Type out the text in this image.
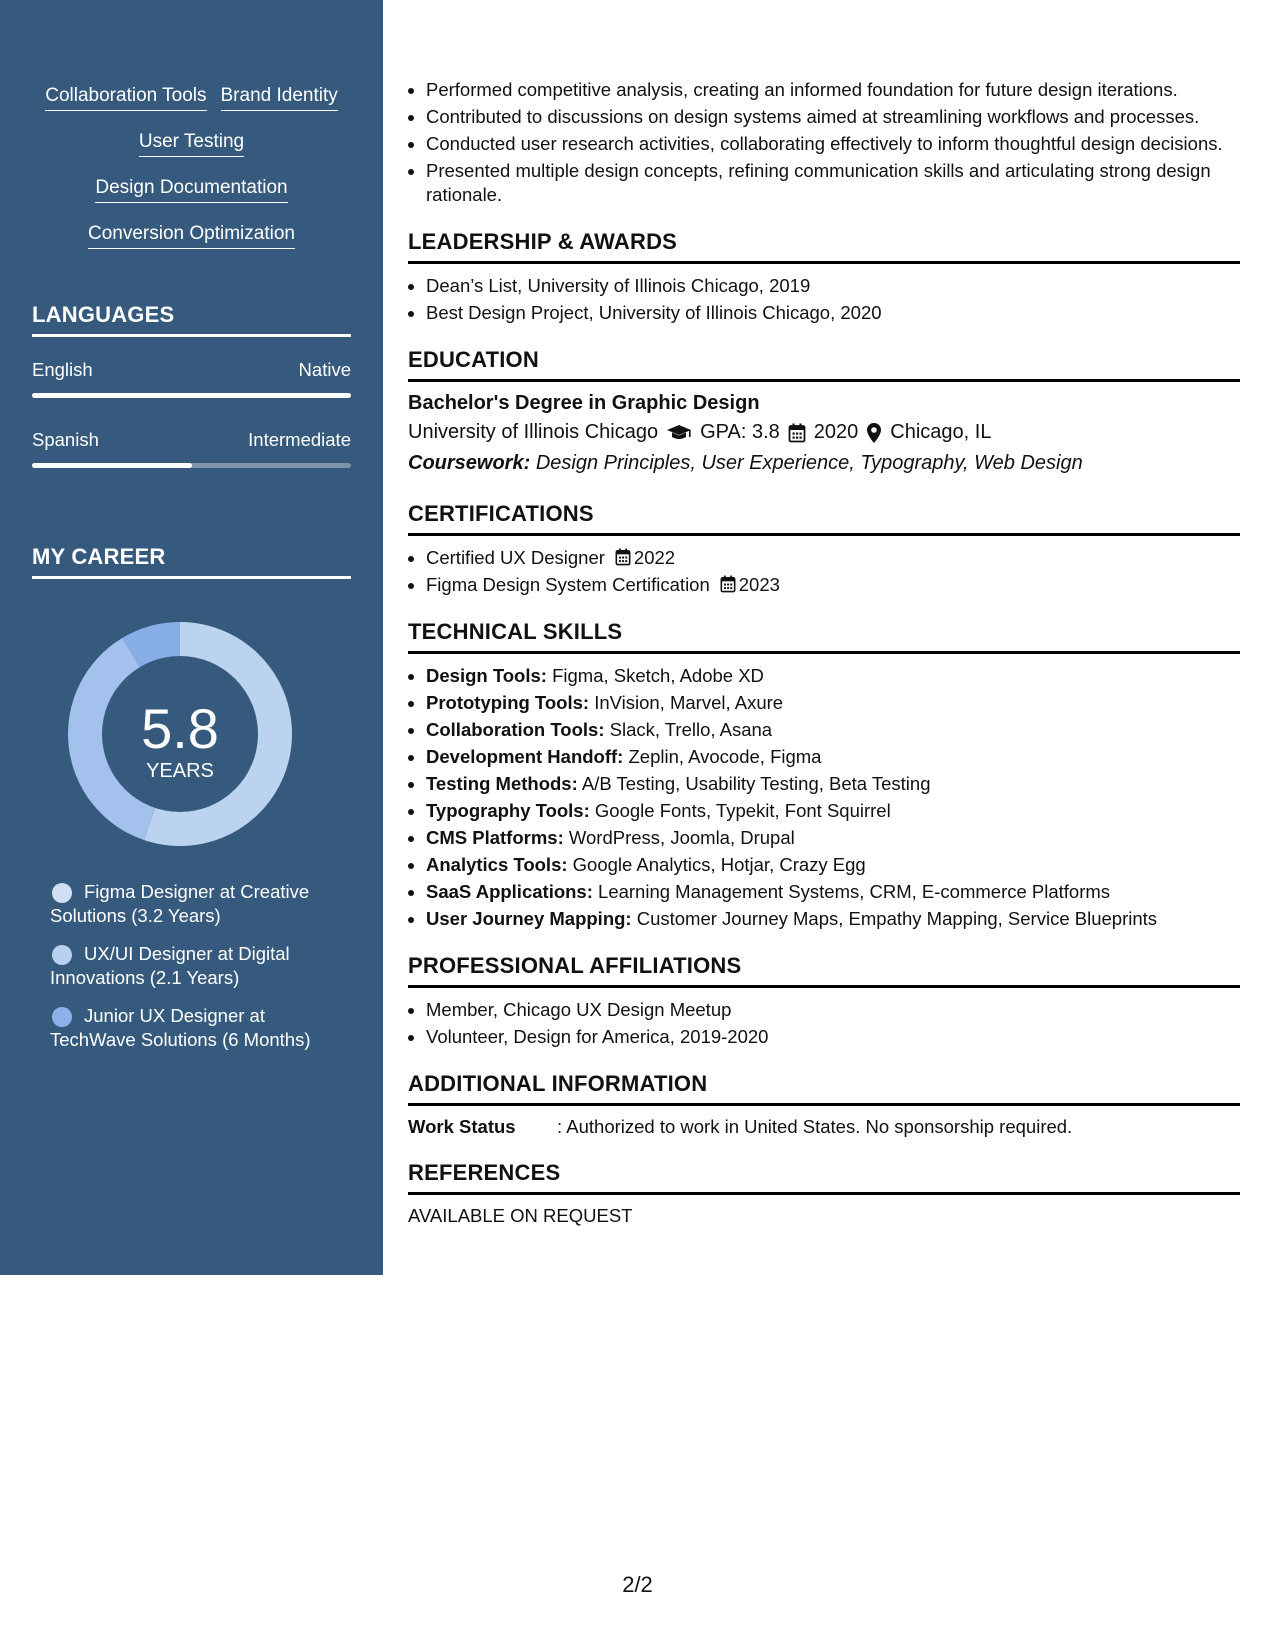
Collaboration Tools Brand Identity
User Testing
Design Documentation
Conversion Optimization
LANGUAGES
English	Native
Spanish	Intermediate
MY CAREER
5.8
YEARS
Figma Designer at Creative Solutions (3.2 Years)
UX/UI Designer at Digital Innovations (2.1 Years)
Junior UX Designer at TechWave Solutions (6 Months)
• Performed competitive analysis, creating an informed foundation for future design iterations.
• Contributed to discussions on design systems aimed at streamlining workflows and processes.
• Conducted user research activities, collaborating effectively to inform thoughtful design decisions.
• Presented multiple design concepts, refining communication skills and articulating strong design rationale.
LEADERSHIP & AWARDS
• Dean’s List, University of Illinois Chicago, 2019
• Best Design Project, University of Illinois Chicago, 2020
EDUCATION
Bachelor's Degree in Graphic Design
University of Illinois Chicago GPA: 3.8 2020 Chicago, IL
Coursework: Design Principles, User Experience, Typography, Web Design
CERTIFICATIONS
• Certified UX Designer 2022
• Figma Design System Certification 2023
TECHNICAL SKILLS
• Design Tools: Figma, Sketch, Adobe XD
• Prototyping Tools: InVision, Marvel, Axure
• Collaboration Tools: Slack, Trello, Asana
• Development Handoff: Zeplin, Avocode, Figma
• Testing Methods: A/B Testing, Usability Testing, Beta Testing
• Typography Tools: Google Fonts, Typekit, Font Squirrel
• CMS Platforms: WordPress, Joomla, Drupal
• Analytics Tools: Google Analytics, Hotjar, Crazy Egg
• SaaS Applications: Learning Management Systems, CRM, E-commerce Platforms
• User Journey Mapping: Customer Journey Maps, Empathy Mapping, Service Blueprints
PROFESSIONAL AFFILIATIONS
• Member, Chicago UX Design Meetup
• Volunteer, Design for America, 2019-2020
ADDITIONAL INFORMATION
Work Status	: Authorized to work in United States. No sponsorship required.
REFERENCES
AVAILABLE ON REQUEST
2/2
